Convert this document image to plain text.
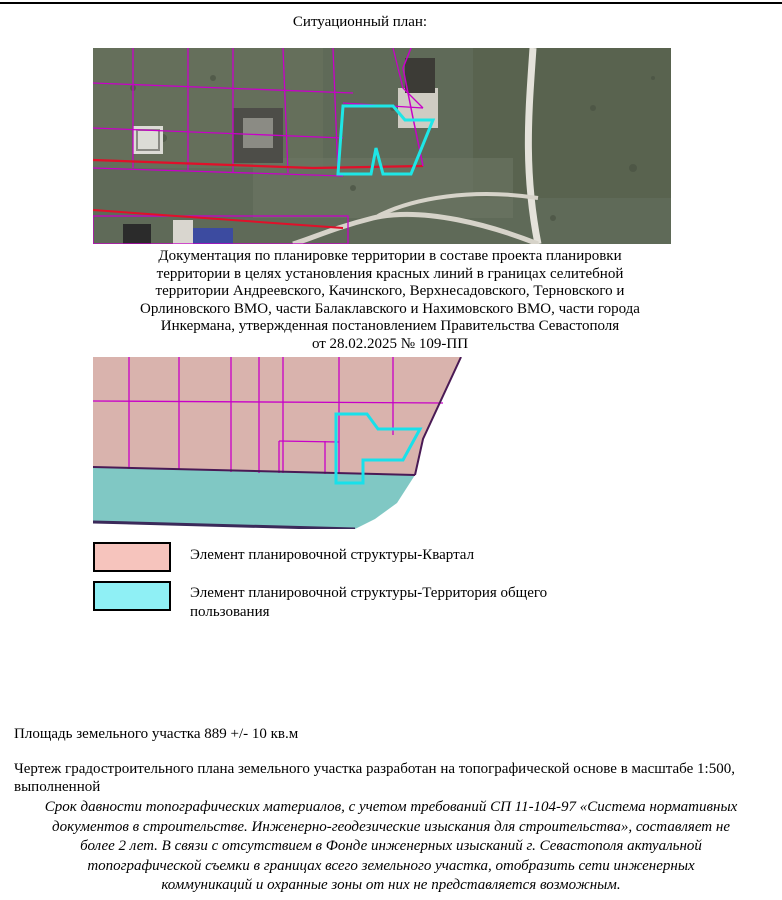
Ситуационный план:
Документация по планировке территории в составе проекта планировки
территории в целях установления красных линий в границах селитебной
территории Андреевского, Качинского, Верхнесадовского, Терновского и
Орлиновского ВМО, части Балаклавского и Нахимовского ВМО, части города
Инкермана, утвержденная постановлением Правительства Севастополя
от 28.02.2025 № 109-ПП
Элемент планировочной структуры-Квартал
Элемент планировочной структуры-Территория общего пользования
Площадь земельного участка 889 +/- 10 кв.м
Чертеж градостроительного плана земельного участка разработан на топографической основе в масштабе 1:500, выполненной
Срок давности топографических материалов, с учетом требований СП 11-104-97 «Система нормативных
документов в строительстве. Инженерно-геодезические изыскания для строительства», составляет не
более 2 лет. В связи с отсутствием в Фонде инженерных изысканий г. Севастополя актуальной
топографической съемки в границах всего земельного участка, отобразить сети инженерных
коммуникаций и охранные зоны от них не представляется возможным.
